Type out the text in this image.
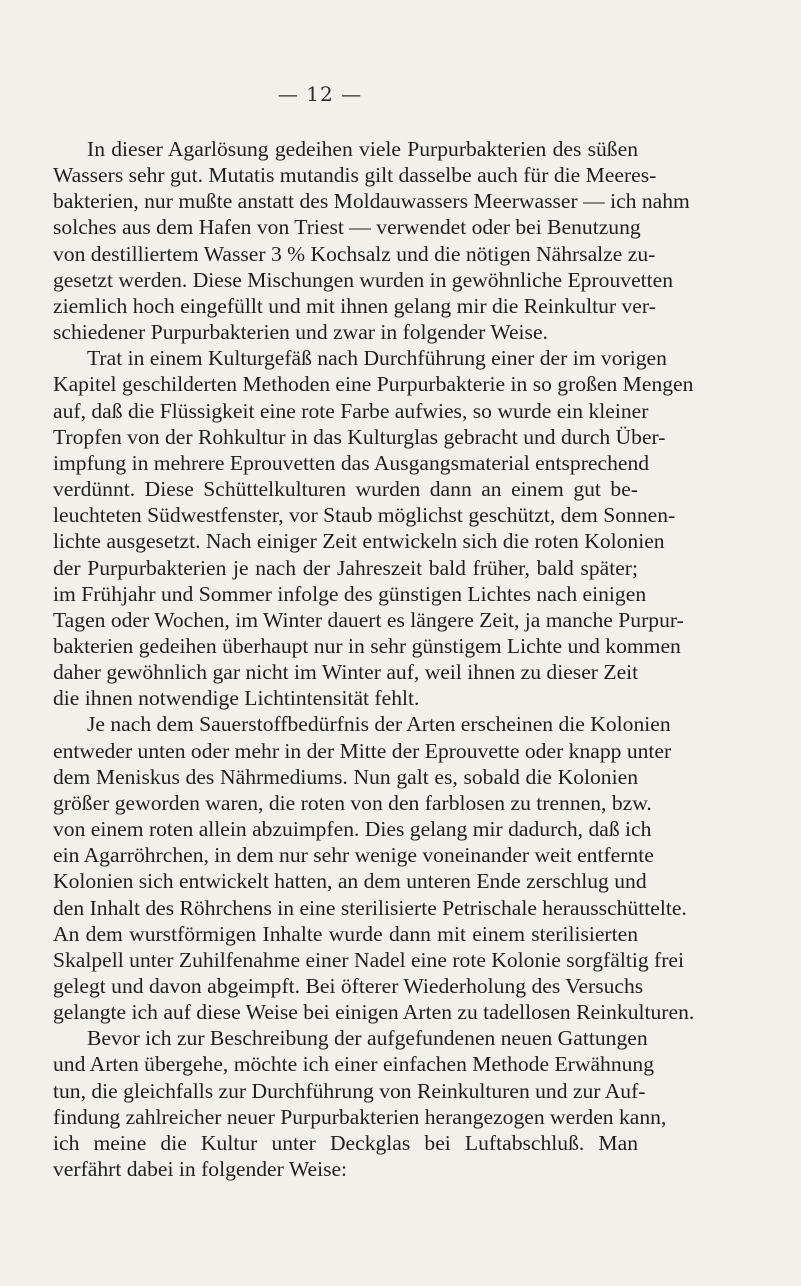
— 12 —
In dieser Agarlösung gedeihen viele Purpurbakterien des süßen
Wassers sehr gut. Mutatis mutandis gilt dasselbe auch für die Meeres-
bakterien, nur mußte anstatt des Moldauwassers Meerwasser — ich nahm
solches aus dem Hafen von Triest — verwendet oder bei Benutzung
von destilliertem Wasser 3 % Kochsalz und die nötigen Nährsalze zu-
gesetzt werden. Diese Mischungen wurden in gewöhnliche Eprouvetten
ziemlich hoch eingefüllt und mit ihnen gelang mir die Reinkultur ver-
schiedener Purpurbakterien und zwar in folgender Weise.
Trat in einem Kulturgefäß nach Durchführung einer der im vorigen
Kapitel geschilderten Methoden eine Purpurbakterie in so großen Mengen
auf, daß die Flüssigkeit eine rote Farbe aufwies, so wurde ein kleiner
Tropfen von der Rohkultur in das Kulturglas gebracht und durch Über-
impfung in mehrere Eprouvetten das Ausgangsmaterial entsprechend
verdünnt. Diese Schüttelkulturen wurden dann an einem gut be-
leuchteten Südwestfenster, vor Staub möglichst geschützt, dem Sonnen-
lichte ausgesetzt. Nach einiger Zeit entwickeln sich die roten Kolonien
der Purpurbakterien je nach der Jahreszeit bald früher, bald später;
im Frühjahr und Sommer infolge des günstigen Lichtes nach einigen
Tagen oder Wochen, im Winter dauert es längere Zeit, ja manche Purpur-
bakterien gedeihen überhaupt nur in sehr günstigem Lichte und kommen
daher gewöhnlich gar nicht im Winter auf, weil ihnen zu dieser Zeit
die ihnen notwendige Lichtintensität fehlt.
Je nach dem Sauerstoffbedürfnis der Arten erscheinen die Kolonien
entweder unten oder mehr in der Mitte der Eprouvette oder knapp unter
dem Meniskus des Nährmediums. Nun galt es, sobald die Kolonien
größer geworden waren, die roten von den farblosen zu trennen, bzw.
von einem roten allein abzuimpfen. Dies gelang mir dadurch, daß ich
ein Agarröhrchen, in dem nur sehr wenige voneinander weit entfernte
Kolonien sich entwickelt hatten, an dem unteren Ende zerschlug und
den Inhalt des Röhrchens in eine sterilisierte Petrischale herausschüttelte.
An dem wurstförmigen Inhalte wurde dann mit einem sterilisierten
Skalpell unter Zuhilfenahme einer Nadel eine rote Kolonie sorgfältig frei
gelegt und davon abgeimpft. Bei öfterer Wiederholung des Versuchs
gelangte ich auf diese Weise bei einigen Arten zu tadellosen Reinkulturen.
Bevor ich zur Beschreibung der aufgefundenen neuen Gattungen
und Arten übergehe, möchte ich einer einfachen Methode Erwähnung
tun, die gleichfalls zur Durchführung von Reinkulturen und zur Auf-
findung zahlreicher neuer Purpurbakterien herangezogen werden kann,
ich meine die Kultur unter Deckglas bei Luftabschluß. Man
verfährt dabei in folgender Weise:
